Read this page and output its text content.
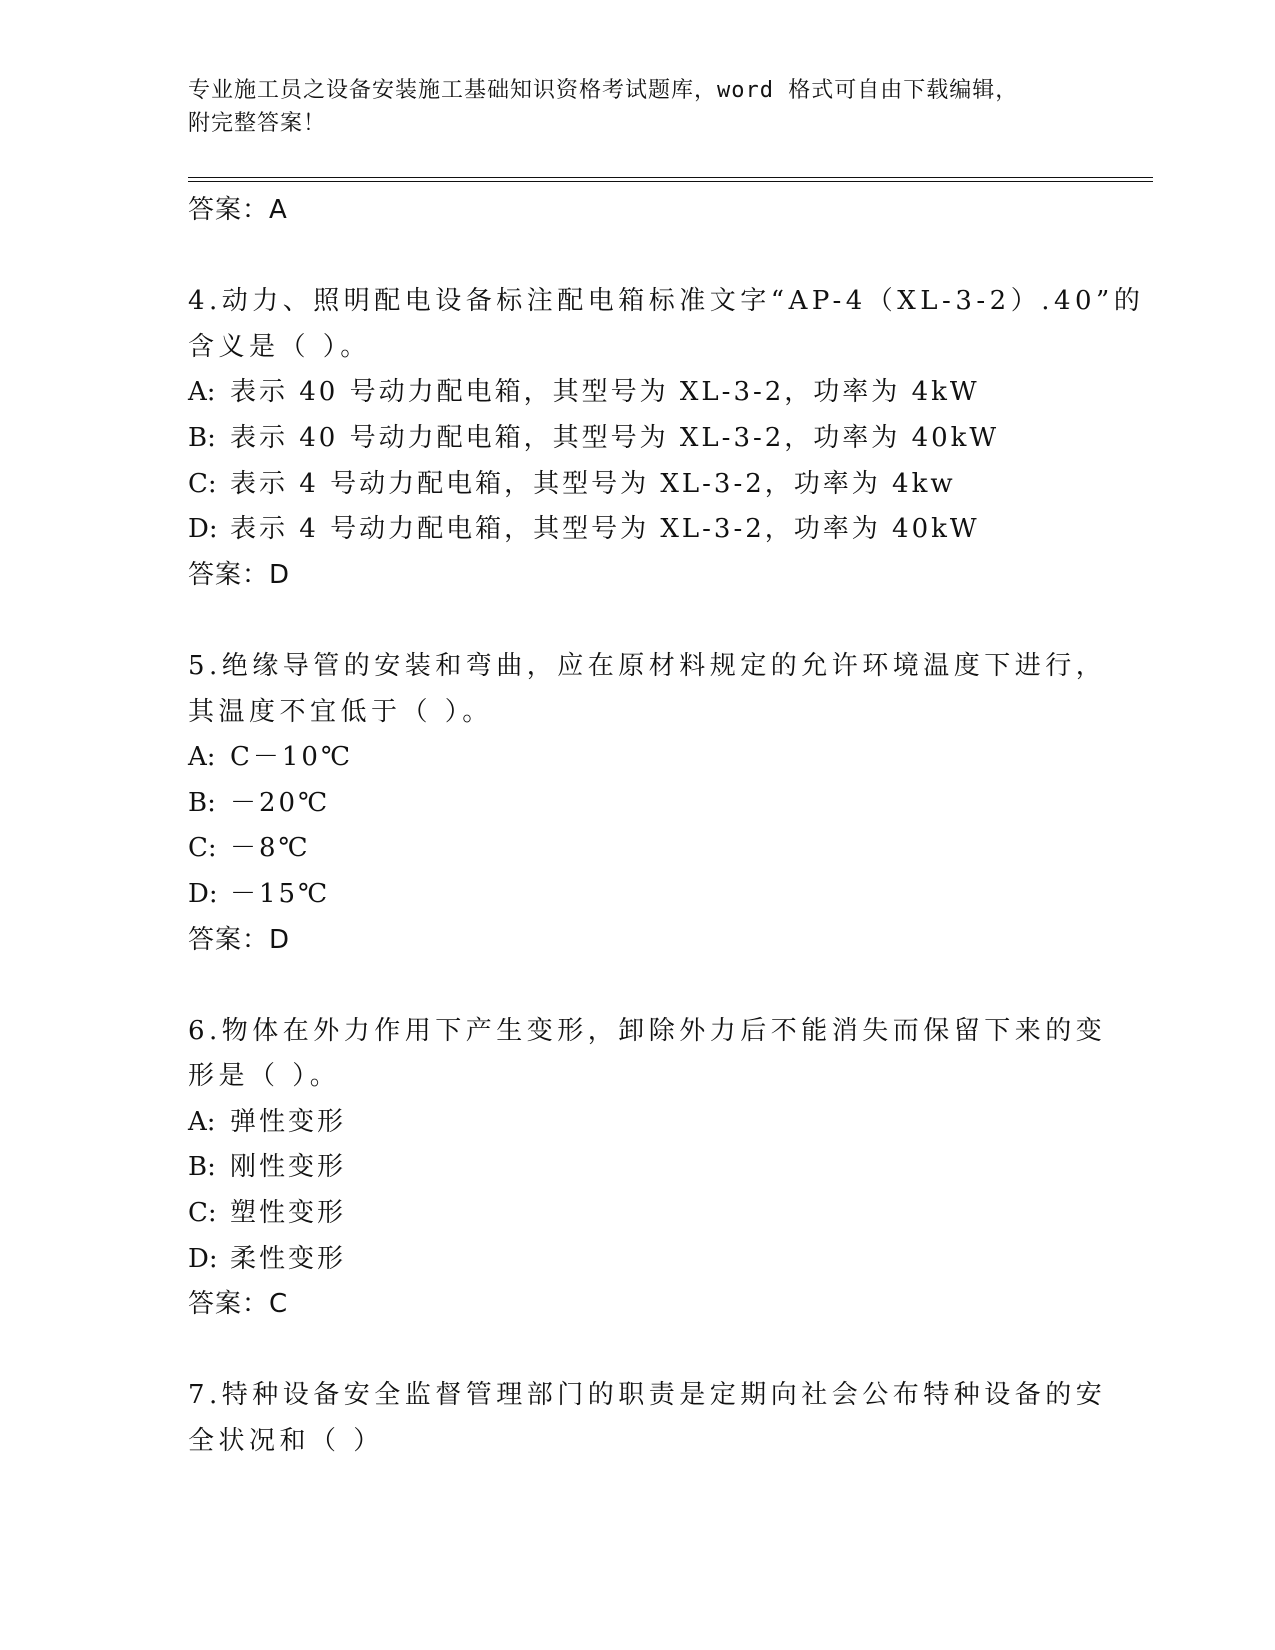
专业施工员之设备安装施工基础知识资格考试题库，word 格式可自由下载编辑，
附完整答案！
答案：A
4.动力、照明配电设备标注配电箱标准文字“AP-4（XL-3-2）.40”的
含义是（ ）。
A: 表示 40 号动力配电箱，其型号为 XL-3-2，功率为 4kW
B: 表示 40 号动力配电箱，其型号为 XL-3-2，功率为 40kW
C: 表示 4 号动力配电箱，其型号为 XL-3-2，功率为 4kw
D: 表示 4 号动力配电箱，其型号为 XL-3-2，功率为 40kW
答案：D
5.绝缘导管的安装和弯曲，应在原材料规定的允许环境温度下进行，
其温度不宜低于（ ）。
A: C－10℃
B: －20℃
C: －8℃
D: －15℃
答案：D
6.物体在外力作用下产生变形，卸除外力后不能消失而保留下来的变
形是（ ）。
A: 弹性变形
B: 刚性变形
C: 塑性变形
D: 柔性变形
答案：C
7.特种设备安全监督管理部门的职责是定期向社会公布特种设备的安
全状况和（ ）
